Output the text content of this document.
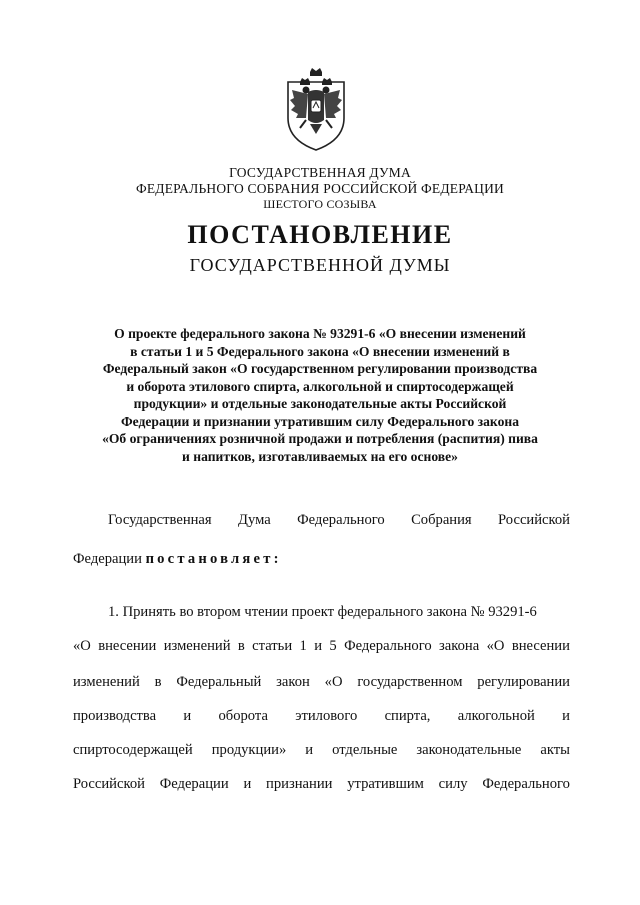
ГОСУДАРСТВЕННАЯ ДУМА
ФЕДЕРАЛЬНОГО СОБРАНИЯ РОССИЙСКОЙ ФЕДЕРАЦИИ
ШЕСТОГО СОЗЫВА
ПОСТАНОВЛЕНИЕ
ГОСУДАРСТВЕННОЙ ДУМЫ
О проекте федерального закона № 93291-6 «О внесении изменений
в статьи 1 и 5 Федерального закона «О внесении изменений в
Федеральный закон «О государственном регулировании производства
и оборота этилового спирта, алкогольной и спиртосодержащей
продукции» и отдельные законодательные акты Российской
Федерации и признании утратившим силу Федерального закона
«Об ограничениях розничной продажи и потребления (распития) пива
и напитков, изготавливаемых на его основе»
Государственная Дума Федерального Собрания Российской
Федерации постановляет:
1. Принять во втором чтении проект федерального закона № 93291-6
«О внесении изменений в статьи 1 и 5 Федерального закона «О внесении
изменений в Федеральный закон «О государственном регулировании
производства и оборота этилового спирта, алкогольной и
спиртосодержащей продукции» и отдельные законодательные акты
Российской Федерации и признании утратившим силу Федерального
